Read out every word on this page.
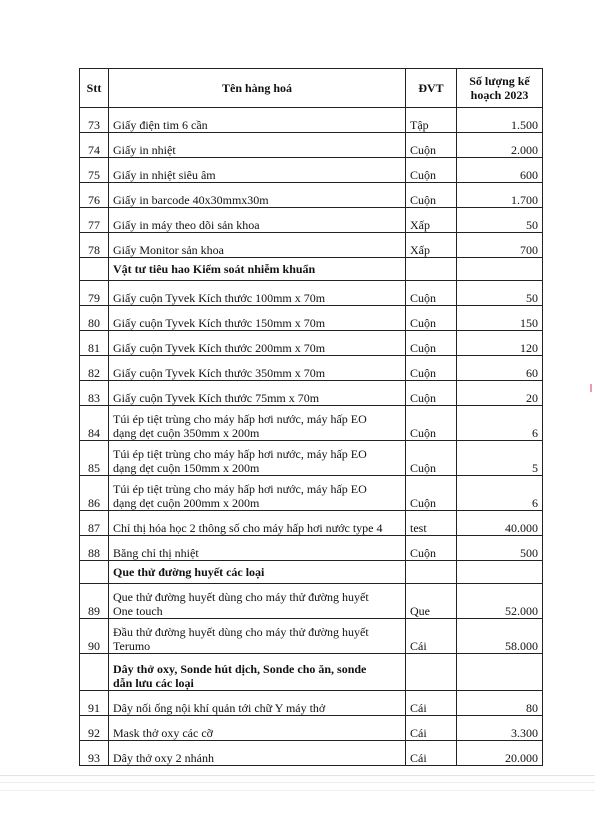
Stt	Tên hàng hoá	ĐVT	Số lượng kế
hoạch 2023

73	Giấy điện tim 6 cần	Tập	1.500
74	Giấy in nhiệt	Cuộn	2.000
75	Giấy in nhiệt siêu âm	Cuộn	600
76	Giấy in barcode 40x30mmx30m	Cuộn	1.700
77	Giấy in máy theo dõi sản khoa	Xấp	50
78	Giấy Monitor sản khoa	Xấp	700

	Vật tư tiêu hao Kiểm soát nhiễm khuẩn		

79	Giấy cuộn Tyvek Kích thước 100mm x 70m	Cuộn	50
80	Giấy cuộn Tyvek Kích thước 150mm x 70m	Cuộn	150
81	Giấy cuộn Tyvek Kích thước 200mm x 70m	Cuộn	120
82	Giấy cuộn Tyvek Kích thước 350mm x 70m	Cuộn	60
83	Giấy cuộn Tyvek Kích thước 75mm x 70m	Cuộn	20
84	Túi ép tiệt trùng cho máy hấp hơi nước, máy hấp EO
dạng dẹt cuộn 350mm x 200m	Cuộn	6
85	Túi ép tiệt trùng cho máy hấp hơi nước, máy hấp EO
dạng dẹt cuộn 150mm x 200m	Cuộn	5
86	Túi ép tiệt trùng cho máy hấp hơi nước, máy hấp EO
dạng dẹt cuộn 200mm x 200m	Cuộn	6
87	Chỉ thị hóa học 2 thông số cho máy hấp hơi nước type 4	test	40.000
88	Băng chỉ thị nhiệt	Cuộn	500

	Que thử đường huyết các loại		

89	Que thử đường huyết dùng cho máy thử đường huyết
One touch	Que	52.000
90	Đầu thử đường huyết dùng cho máy thử đường huyết
Terumo	Cái	58.000

	Dây thở oxy, Sonde hút dịch, Sonde cho ăn, sonde
dẫn lưu các loại		

91	Dây nối ống nội khí quản tới chữ Y máy thở	Cái	80
92	Mask thở oxy các cỡ	Cái	3.300
93	Dây thở oxy 2 nhánh	Cái	20.000
